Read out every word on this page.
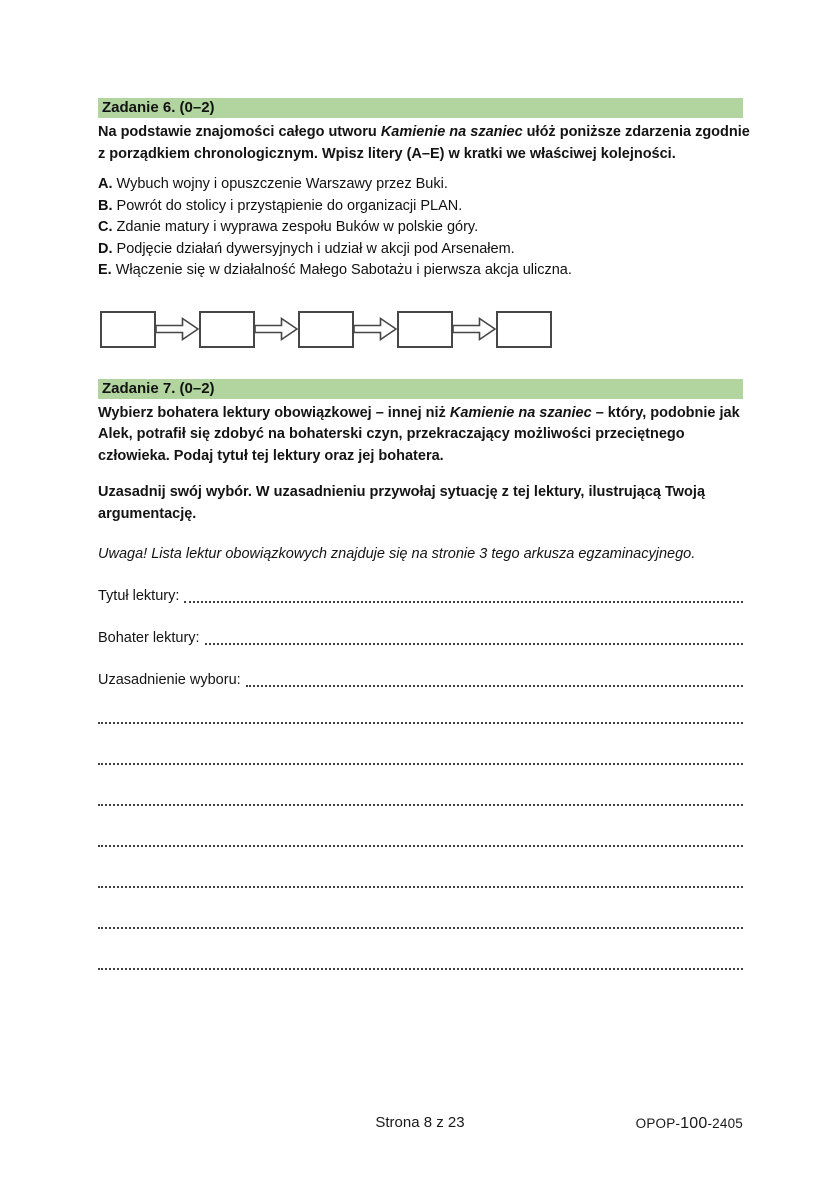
Zadanie 6. (0–2)

Na podstawie znajomości całego utworu Kamienie na szaniec ułóż poniższe zdarzenia zgodnie z porządkiem chronologicznym. Wpisz litery (A–E) w kratki we właściwej kolejności.

A. Wybuch wojny i opuszczenie Warszawy przez Buki.
B. Powrót do stolicy i przystąpienie do organizacji PLAN.
C. Zdanie matury i wyprawa zespołu Buków w polskie góry.
D. Podjęcie działań dywersyjnych i udział w akcji pod Arsenałem.
E. Włączenie się w działalność Małego Sabotażu i pierwsza akcja uliczna.
Zadanie 7. (0–2)

Wybierz bohatera lektury obowiązkowej – innej niż Kamienie na szaniec – który, podobnie jak Alek, potrafił się zdobyć na bohaterski czyn, przekraczający możliwości przeciętnego człowieka. Podaj tytuł tej lektury oraz jej bohatera.

Uzasadnij swój wybór. W uzasadnieniu przywołaj sytuację z tej lektury, ilustrującą Twoją argumentację.

Uwaga! Lista lektur obowiązkowych znajduje się na stronie 3 tego arkusza egzaminacyjnego.

Tytuł lektury:
Bohater lektury:
Uzasadnienie wyboru:
Strona 8 z 23	OPOP-100-2405
